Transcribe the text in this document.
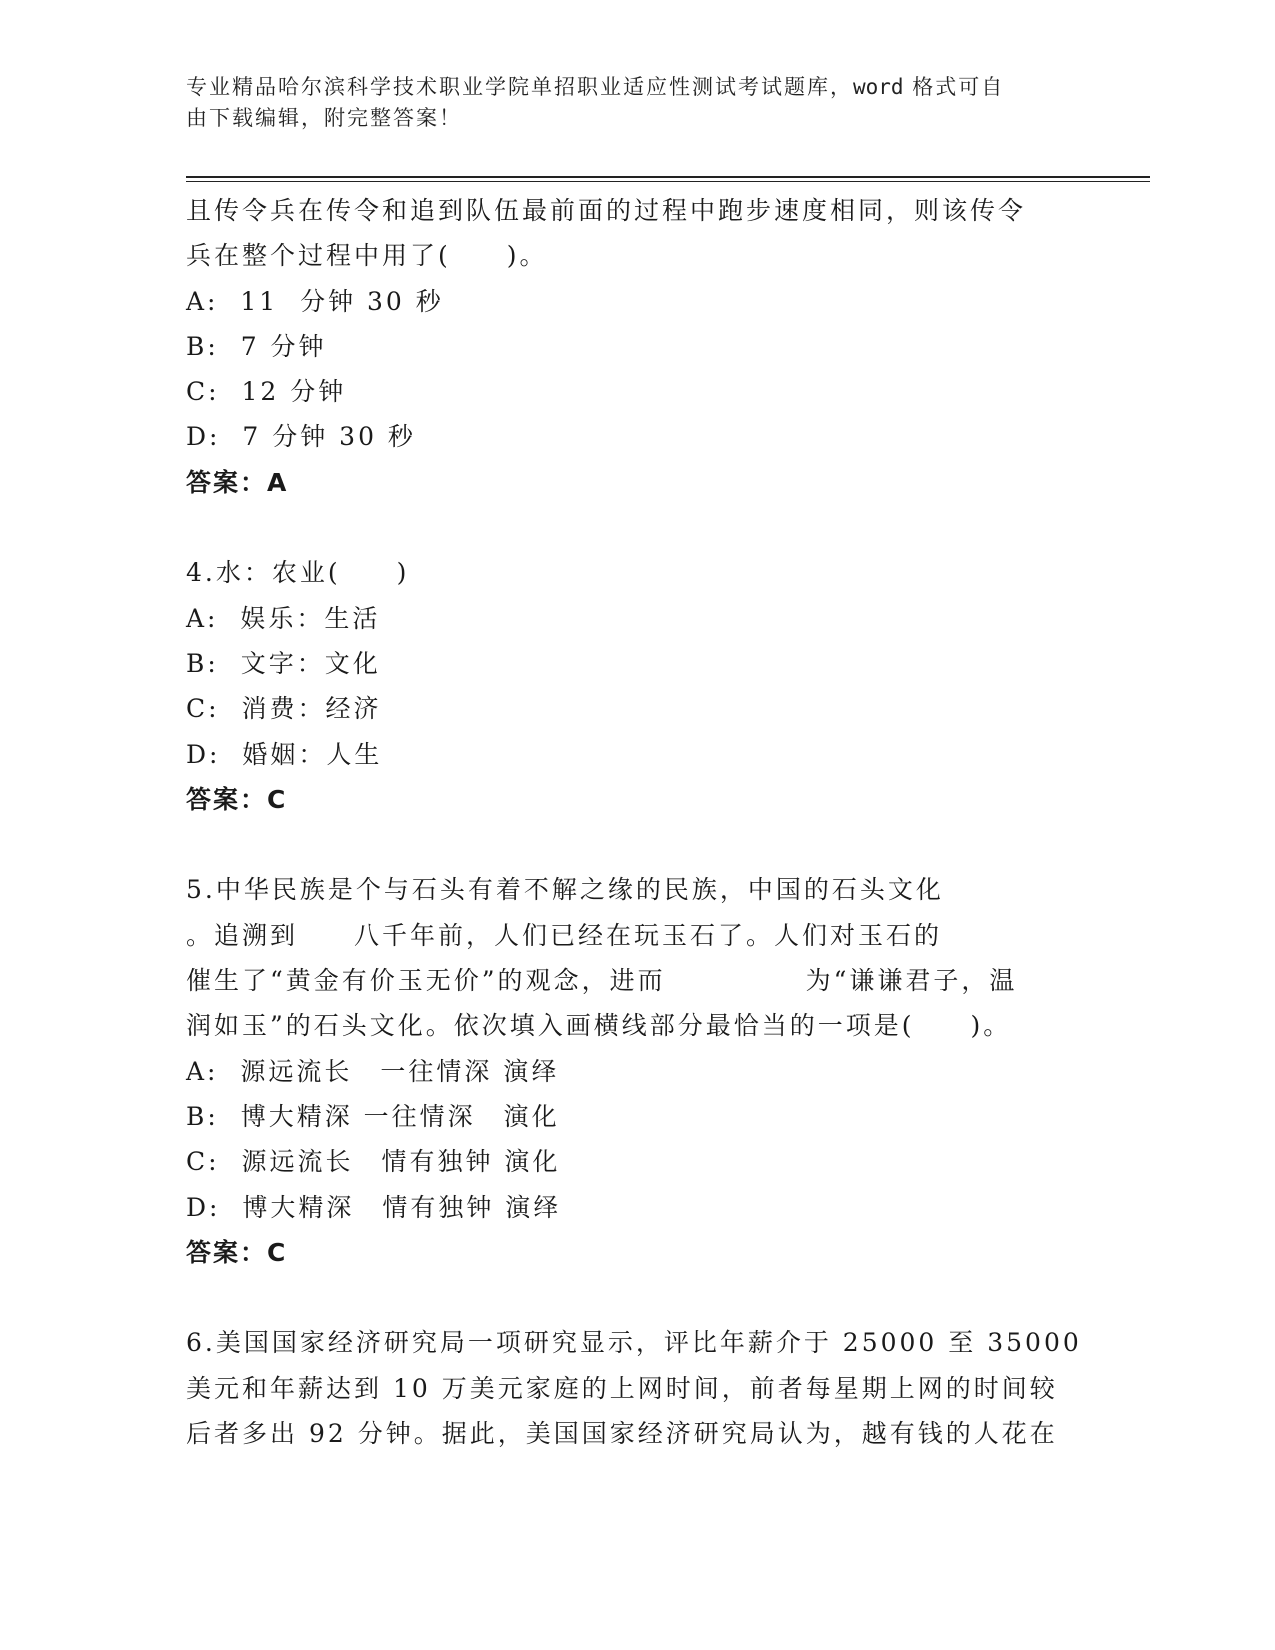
专业精品哈尔滨科学技术职业学院单招职业适应性测试考试题库，word 格式可自
由下载编辑，附完整答案！
且传令兵在传令和追到队伍最前面的过程中跑步速度相同，则该传令
兵在整个过程中用了(　　)。
A:  11  分钟 30 秒
B:  7 分钟
C:  12 分钟
D:  7 分钟 30 秒
答案：A
4.水：农业(　　)
A:  娱乐：生活
B:  文字：文化
C:  消费：经济
D:  婚姻：人生
答案：C
5.中华民族是个与石头有着不解之缘的民族，中国的石头文化
。追溯到　　八千年前，人们已经在玩玉石了。人们对玉石的
催生了“黄金有价玉无价”的观念，进而　　　　　为“谦谦君子，温
润如玉”的石头文化。依次填入画横线部分最恰当的一项是(　　)。
A:  源远流长　一往情深 演绎
B:  博大精深 一往情深　演化
C:  源远流长　情有独钟 演化
D:  博大精深　情有独钟 演绎
答案：C
6.美国国家经济研究局一项研究显示，评比年薪介于 25000 至 35000
美元和年薪达到 10 万美元家庭的上网时间，前者每星期上网的时间较
后者多出 92 分钟。据此，美国国家经济研究局认为，越有钱的人花在
